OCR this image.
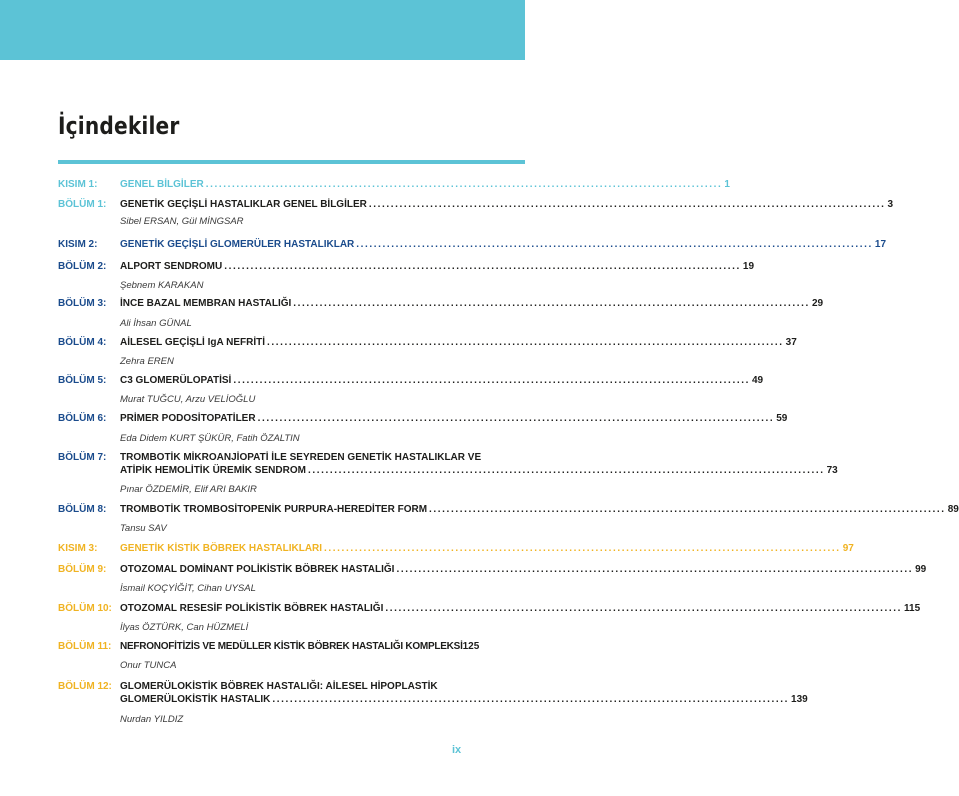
İçindekiler
KISIM 1:	GENEL BİLGİLER ...................................................................................................................... 1
BÖLÜM 1:	GENETİK GEÇİŞLİ HASTALIKLAR GENEL BİLGİLER ...................................................................................................................... 3
Sibel ERSAN, Gül MİNGSAR
KISIM 2:	GENETİK GEÇİŞLİ GLOMERÜLER HASTALIKLAR ...................................................................................................................... 17
BÖLÜM 2:	ALPORT SENDROMU ...................................................................................................................... 19
Şebnem KARAKAN
BÖLÜM 3:	İNCE BAZAL MEMBRAN HASTALIĞI ...................................................................................................................... 29
Ali İhsan GÜNAL
BÖLÜM 4:	AİLESEL GEÇİŞLİ IgA NEFRİTİ ...................................................................................................................... 37
Zehra EREN
BÖLÜM 5:	C3 GLOMERÜLOPATİSİ ...................................................................................................................... 49
Murat TUĞCU, Arzu VELİOĞLU
BÖLÜM 6:	PRİMER PODOSİTOPATİLER ...................................................................................................................... 59
Eda Didem KURT ŞÜKÜR, Fatih ÖZALTIN
BÖLÜM 7:	TROMBOTİK MİKROANJİOPATİ İLE SEYREDEN GENETİK HASTALIKLAR VE
ATİPİK HEMOLİTİK ÜREMİK SENDROM ...................................................................................................................... 73
Pınar ÖZDEMİR, Elif ARI BAKIR
BÖLÜM 8:	TROMBOTİK TROMBOSİTOPENİK PURPURA-HEREDİTER FORM ...................................................................................................................... 89
Tansu SAV
KISIM 3:	GENETİK KİSTİK BÖBREK HASTALIKLARI ...................................................................................................................... 97
BÖLÜM 9:	OTOZOMAL DOMİNANT POLİKİSTİK BÖBREK HASTALIĞI ...................................................................................................................... 99
İsmail KOÇYİĞİT, Cihan UYSAL
BÖLÜM 10: OTOZOMAL RESESİF POLİKİSTİK BÖBREK HASTALIĞI ...................................................................................................................... 115
İlyas ÖZTÜRK, Can HÜZMELİ
BÖLÜM 11: NEFRONOFİTİZİS VE MEDÜLLER KİSTİK BÖBREK HASTALIĞI KOMPLEKSİ 125
Onur TUNCA
BÖLÜM 12: GLOMERÜLOKİSTİK BÖBREK HASTALIĞI: AİLESEL HİPOPLASTİK
GLOMERÜLOKİSTİK HASTALIK ...................................................................................................................... 139
Nurdan YILDIZ
ix
